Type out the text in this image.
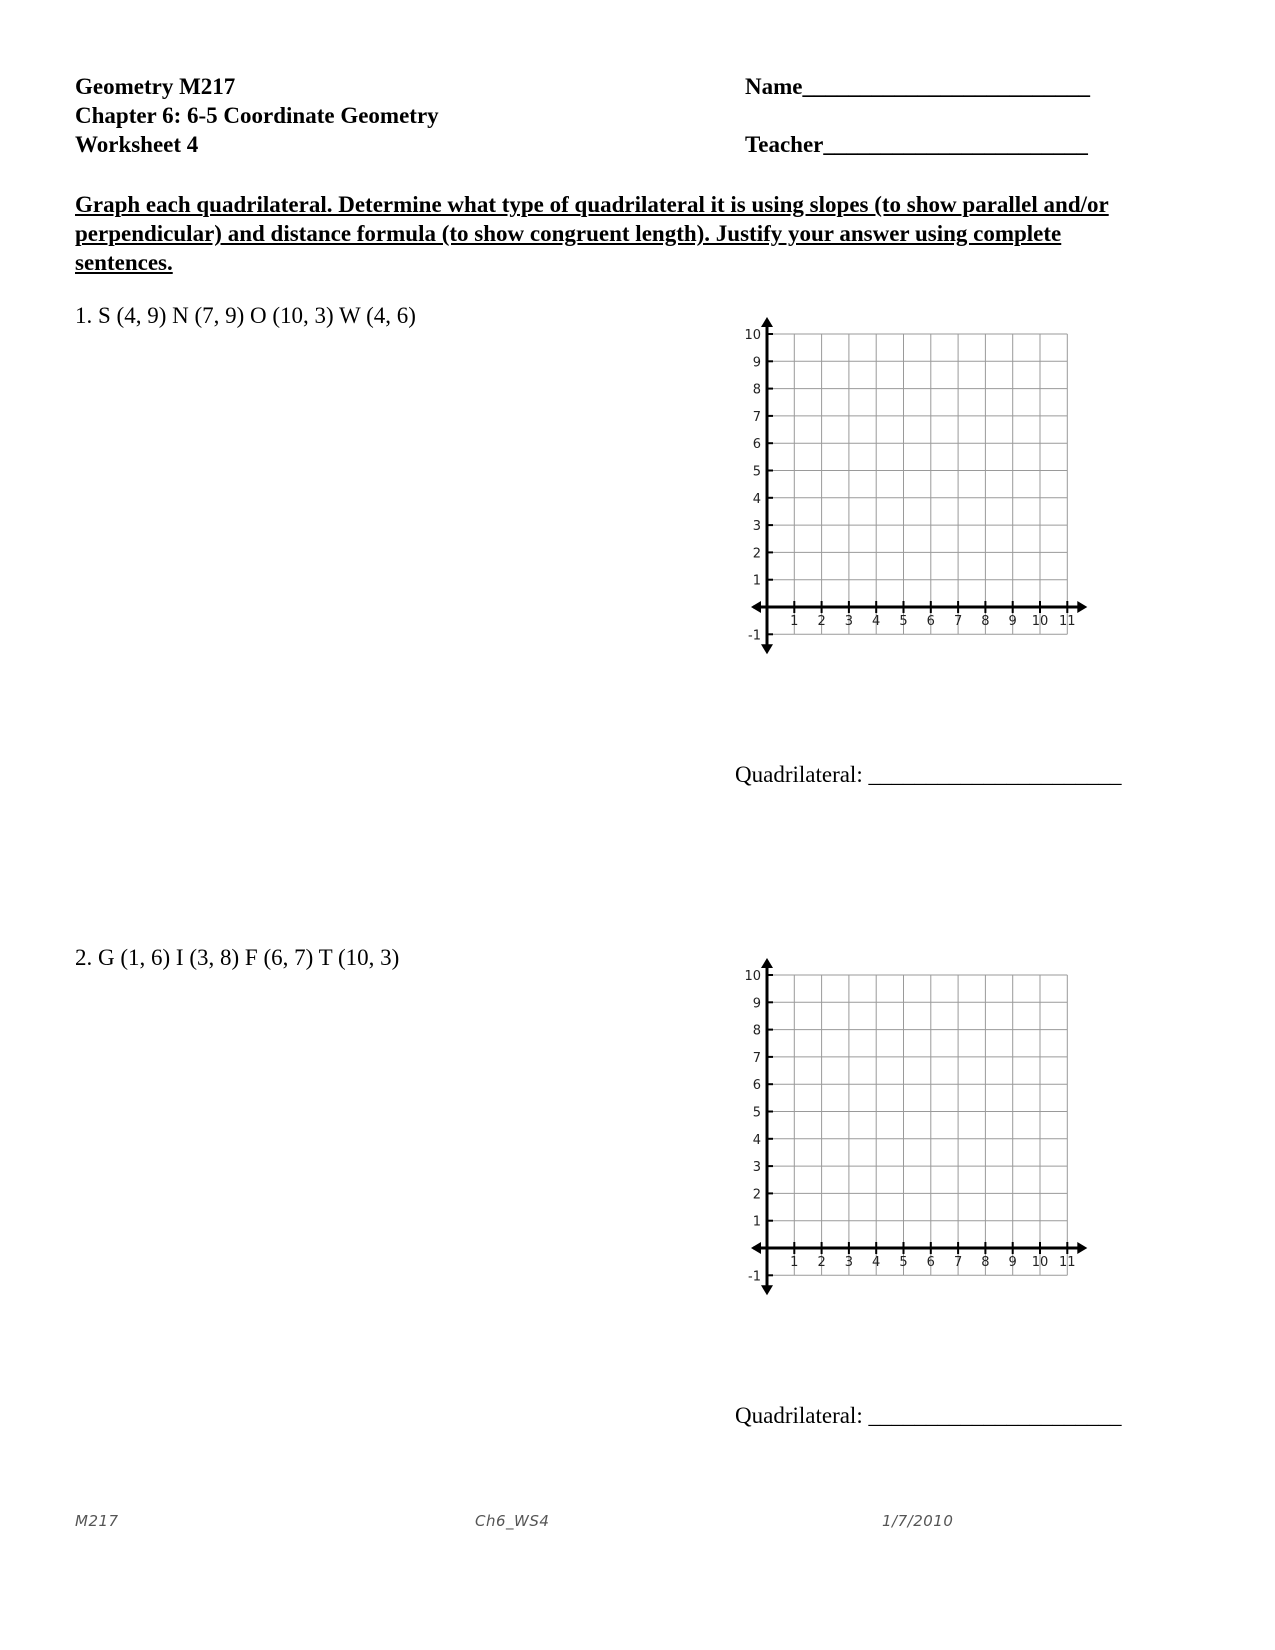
Geometry M217
Chapter 6: 6-5 Coordinate Geometry
Worksheet 4
Name_________________________
Teacher_______________________
Graph each quadrilateral. Determine what type of quadrilateral it is using slopes (to show parallel and/or perpendicular) and distance formula (to show congruent length). Justify your answer using complete sentences.
1. S (4, 9) N (7, 9) O (10, 3) W (4, 6)
1 2 3 4 5 6 7 8 9 10 11
10
9
8
7
6
5
4
3
2
1
-1
Quadrilateral: ______________________
2. G (1, 6) I (3, 8) F (6, 7) T (10, 3)
1 2 3 4 5 6 7 8 9 10 11
10
9
8
7
6
5
4
3
2
1
-1
Quadrilateral: ______________________
M217	Ch6_WS4	1/7/2010
